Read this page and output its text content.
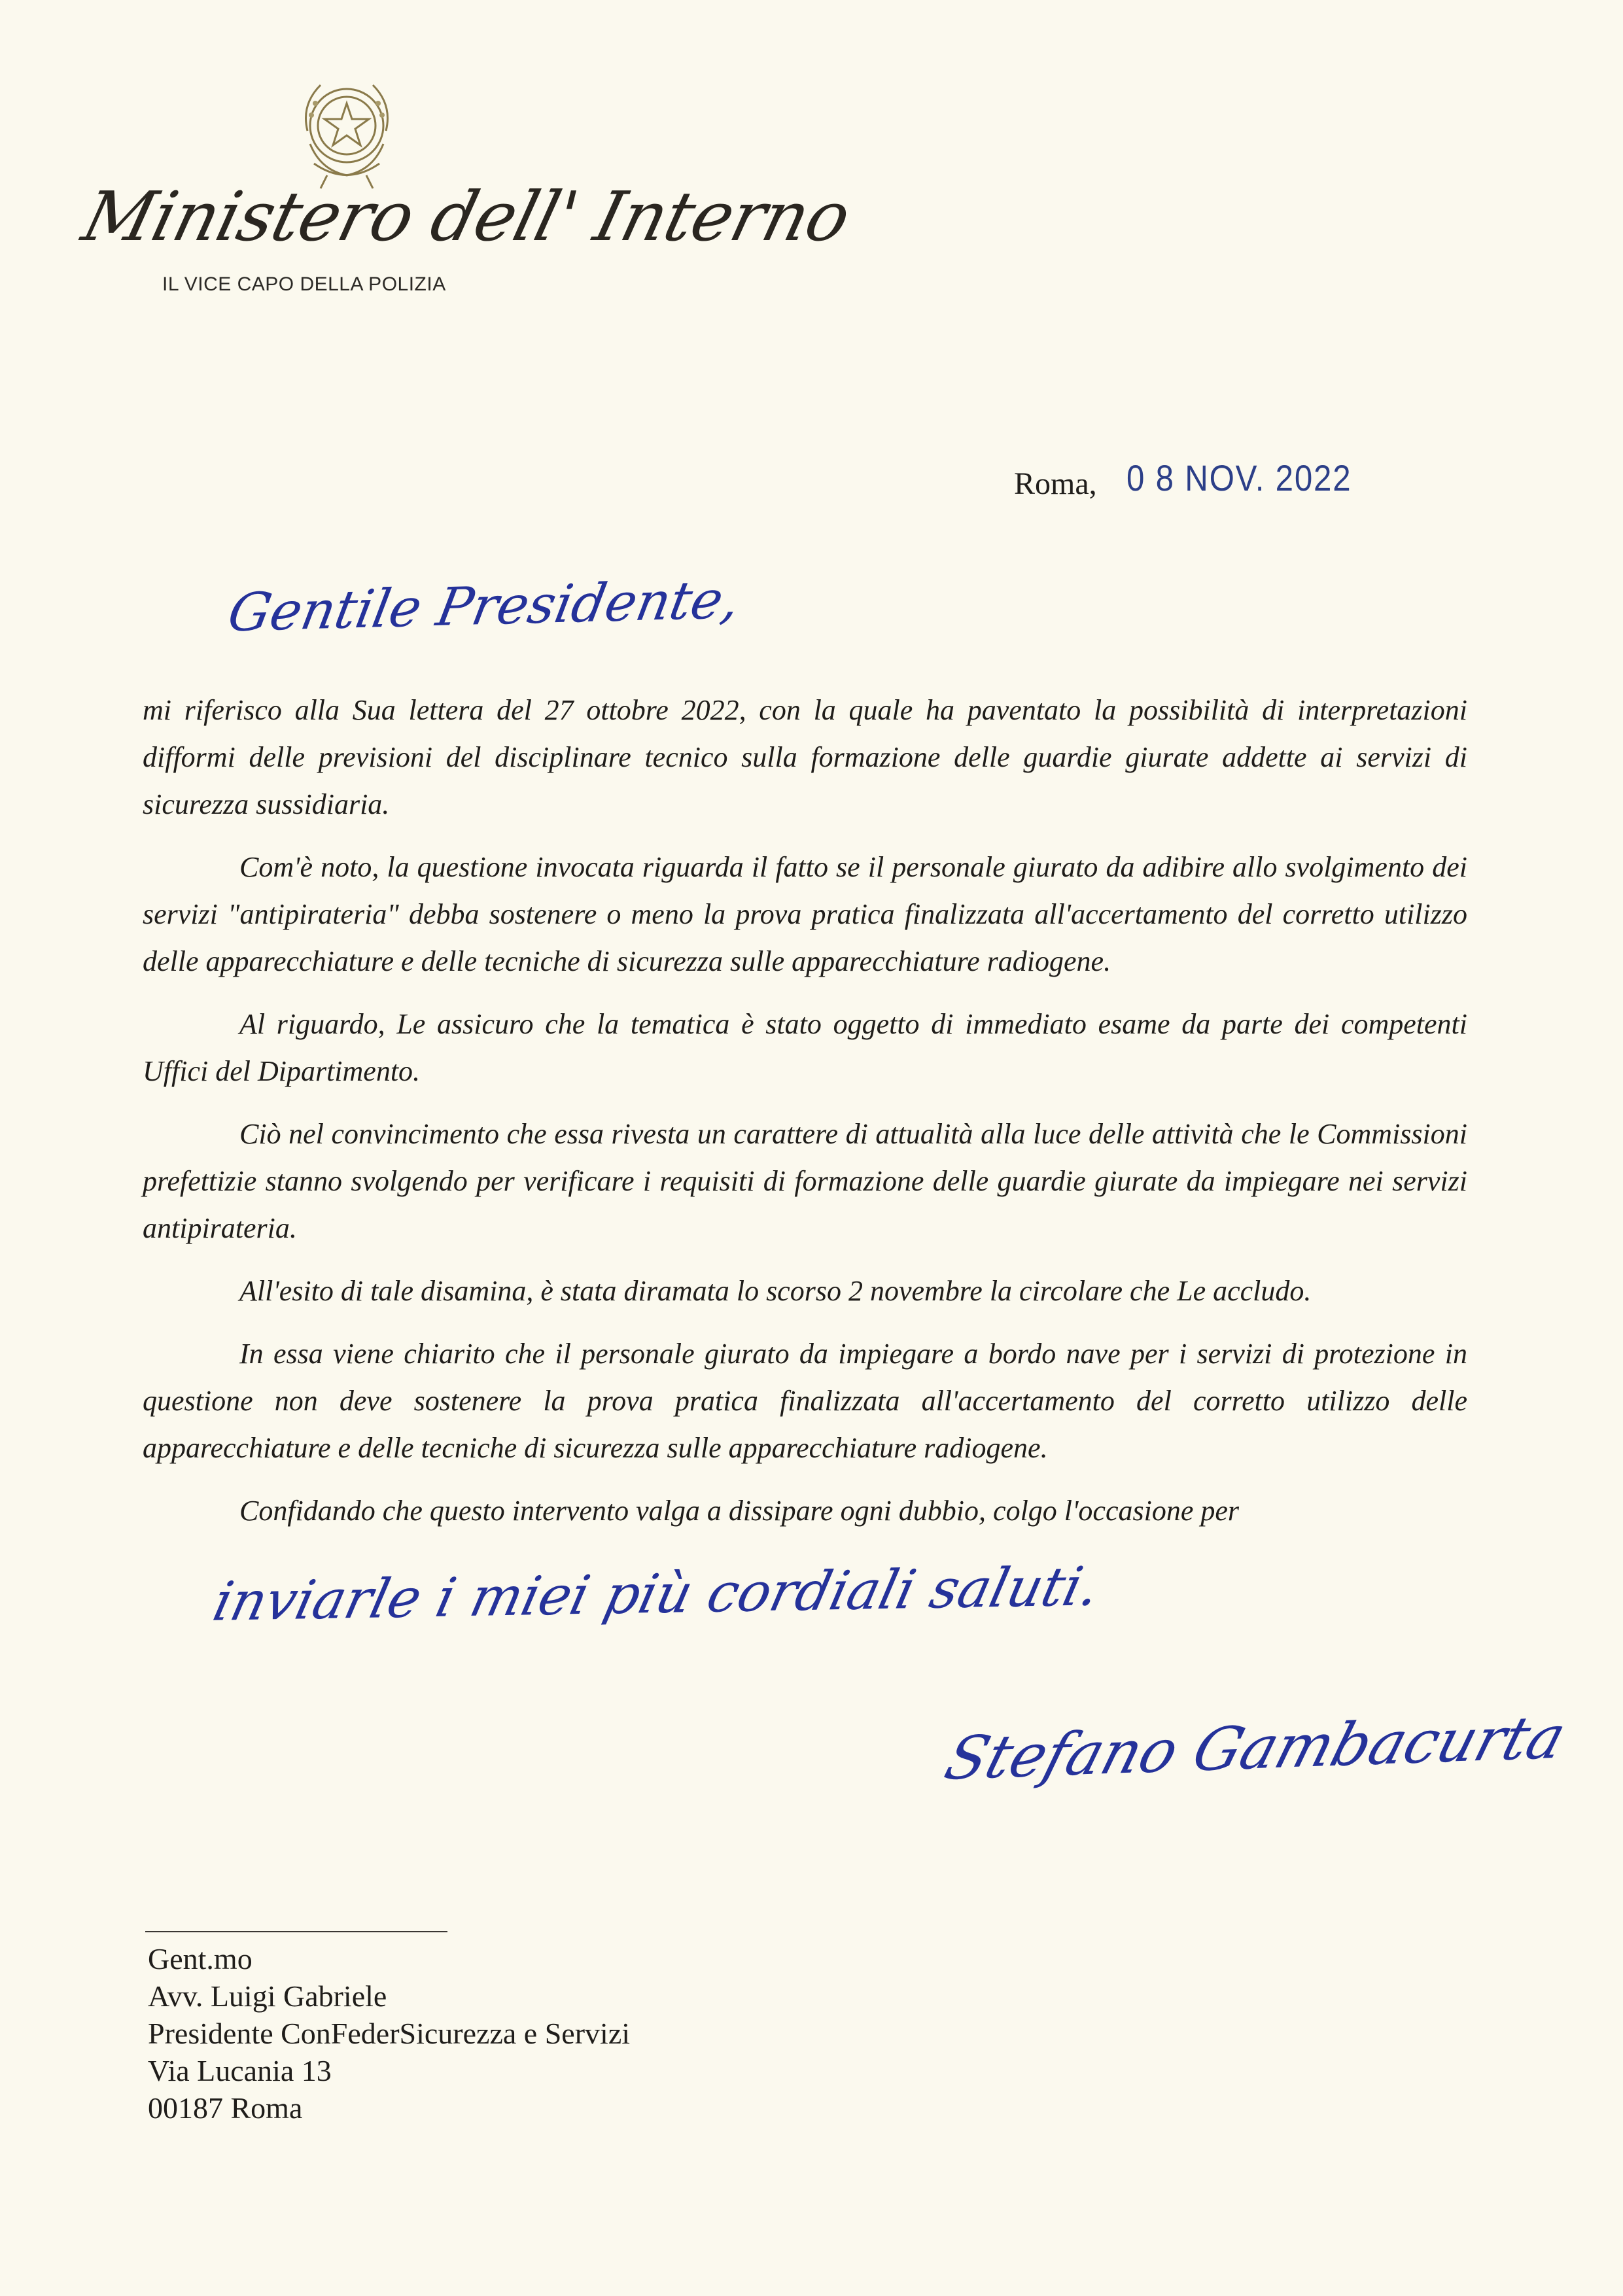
Ministero dell' Interno
IL VICE CAPO DELLA POLIZIA
Roma, 0 8 NOV. 2022
Gentile Presidente,

mi riferisco alla Sua lettera del 27 ottobre 2022, con la quale ha paventato la possibilità di interpretazioni difformi delle previsioni del disciplinare tecnico sulla formazione delle guardie giurate addette ai servizi di sicurezza sussidiaria.

Com'è noto, la questione invocata riguarda il fatto se il personale giurato da adibire allo svolgimento dei servizi "antipirateria" debba sostenere o meno la prova pratica finalizzata all'accertamento del corretto utilizzo delle apparecchiature e delle tecniche di sicurezza sulle apparecchiature radiogene.

Al riguardo, Le assicuro che la tematica è stato oggetto di immediato esame da parte dei competenti Uffici del Dipartimento.

Ciò nel convincimento che essa rivesta un carattere di attualità alla luce delle attività che le Commissioni prefettizie stanno svolgendo per verificare i requisiti di formazione delle guardie giurate da impiegare nei servizi antipirateria.

All'esito di tale disamina, è stata diramata lo scorso 2 novembre la circolare che Le accludo.

In essa viene chiarito che il personale giurato da impiegare a bordo nave per i servizi di protezione in questione non deve sostenere la prova pratica finalizzata all'accertamento del corretto utilizzo delle apparecchiature e delle tecniche di sicurezza sulle apparecchiature radiogene.

Confidando che questo intervento valga a dissipare ogni dubbio, colgo l'occasione per

inviarle i miei più cordiali saluti.
Stefano Gambacurta
Gent.mo
Avv. Luigi Gabriele
Presidente ConFederSicurezza e Servizi
Via Lucania 13
00187 Roma
